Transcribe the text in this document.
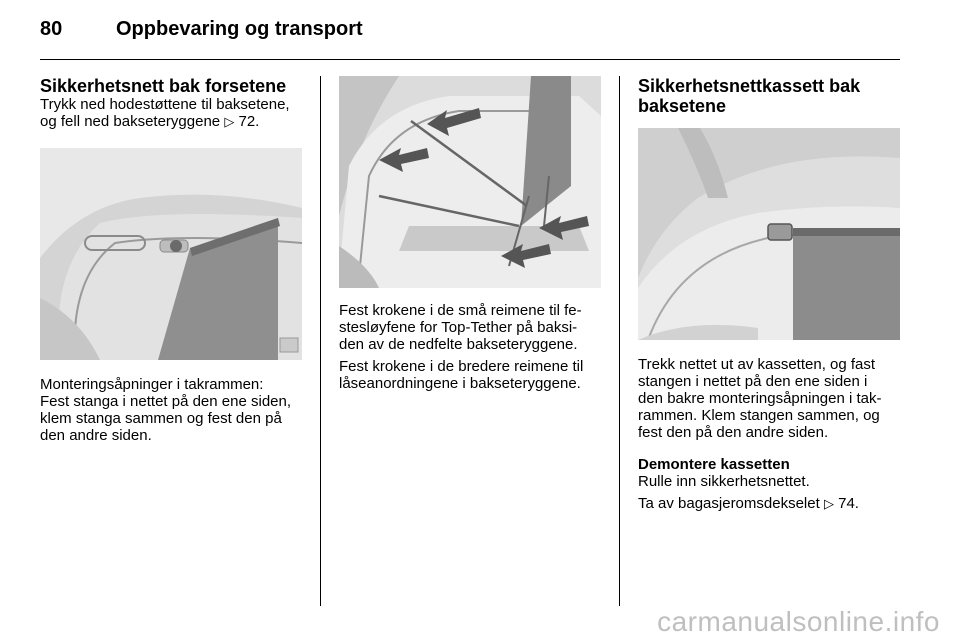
80	Oppbevaring og transport
Sikkerhetsnett bak forsetene
Trykk ned hodestøttene til baksetene, og fell ned bakseteryggene ▷ 72.
Monteringsåpninger i takrammen:
Fest stanga i nettet på den ene siden,
klem stanga sammen og fest den på
den andre siden.
Fest krokene i de små reimene til fe-
stesløyfene for Top-Tether på baksi-
den av de nedfelte bakseteryggene.
Fest krokene i de bredere reimene til
låseanordningene i bakseteryggene.
Sikkerhetsnettkassett bak
baksetene
Trekk nettet ut av kassetten, og fast
stangen i nettet på den ene siden i
den bakre monteringsåpningen i tak-
rammen. Klem stangen sammen, og
fest den på den andre siden.
Demontere kassetten
Rulle inn sikkerhetsnettet.
Ta av bagasjeromsdekselet ▷ 74.
carmanualsonline.info
